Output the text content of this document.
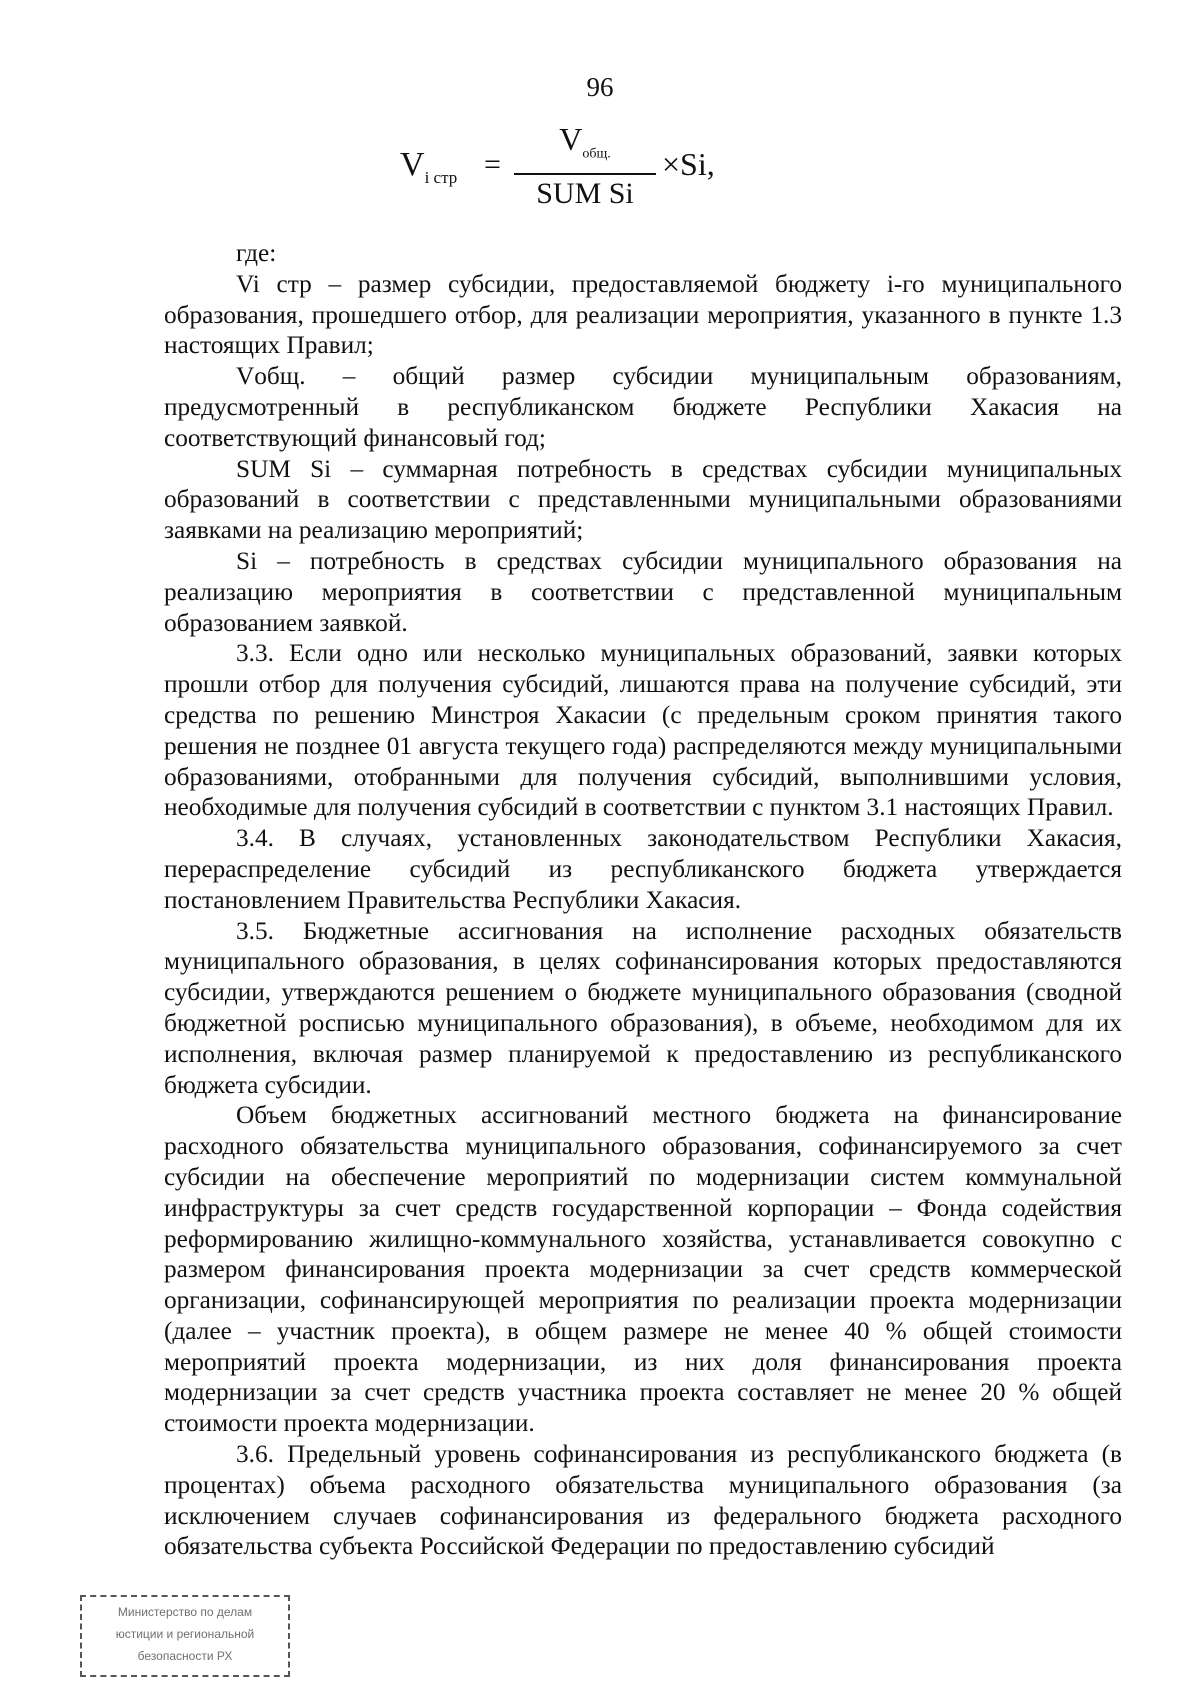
96
$V_{i стр}$ =
$V_{общ.}$
SUM Si
×Si,

где:

Vi стр – размер субсидии, предоставляемой бюджету i-го муниципального образования, прошедшего отбор, для реализации мероприятия, указанного в пункте 1.3 настоящих Правил;

Vобщ. – общий размер субсидии муниципальным образованиям, предусмотренный в республиканском бюджете Республики Хакасия на соответствующий финансовый год;

SUM Si – суммарная потребность в средствах субсидии муниципальных образований в соответствии с представленными муниципальными образованиями заявками на реализацию мероприятий;

Si – потребность в средствах субсидии муниципального образования на реализацию мероприятия в соответствии с представленной муниципальным образованием заявкой.

3.3. Если одно или несколько муниципальных образований, заявки которых прошли отбор для получения субсидий, лишаются права на получение субсидий, эти средства по решению Минстроя Хакасии (с предельным сроком принятия такого решения не позднее 01 августа текущего года) распределяются между муниципальными образованиями, отобранными для получения субсидий, выполнившими условия, необходимые для получения субсидий в соответствии с пунктом 3.1 настоящих Правил.

3.4. В случаях, установленных законодательством Республики Хакасия, перераспределение субсидий из республиканского бюджета утверждается постановлением Правительства Республики Хакасия.

3.5. Бюджетные ассигнования на исполнение расходных обязательств муниципального образования, в целях софинансирования которых предоставляются субсидии, утверждаются решением о бюджете муниципального образования (сводной бюджетной росписью муниципального образования), в объеме, необходимом для их исполнения, включая размер планируемой к предоставлению из республиканского бюджета субсидии.

Объем бюджетных ассигнований местного бюджета на финансирование расходного обязательства муниципального образования, софинансируемого за счет субсидии на обеспечение мероприятий по модернизации систем коммунальной инфраструктуры за счет средств государственной корпорации – Фонда содействия реформированию жилищно-коммунального хозяйства, устанавливается совокупно с размером финансирования проекта модернизации за счет средств коммерческой организации, софинансирующей мероприятия по реализации проекта модернизации (далее – участник проекта), в общем размере не менее 40 % общей стоимости мероприятий проекта модернизации, из них доля финансирования проекта модернизации за счет средств участника проекта составляет не менее 20 % общей стоимости проекта модернизации.

3.6. Предельный уровень софинансирования из республиканского бюджета (в процентах) объема расходного обязательства муниципального образования (за исключением случаев софинансирования из федерального бюджета расходного обязательства субъекта Российской Федерации по предоставлению субсидий

Министерство по делам
юстиции и региональной
безопасности РХ
